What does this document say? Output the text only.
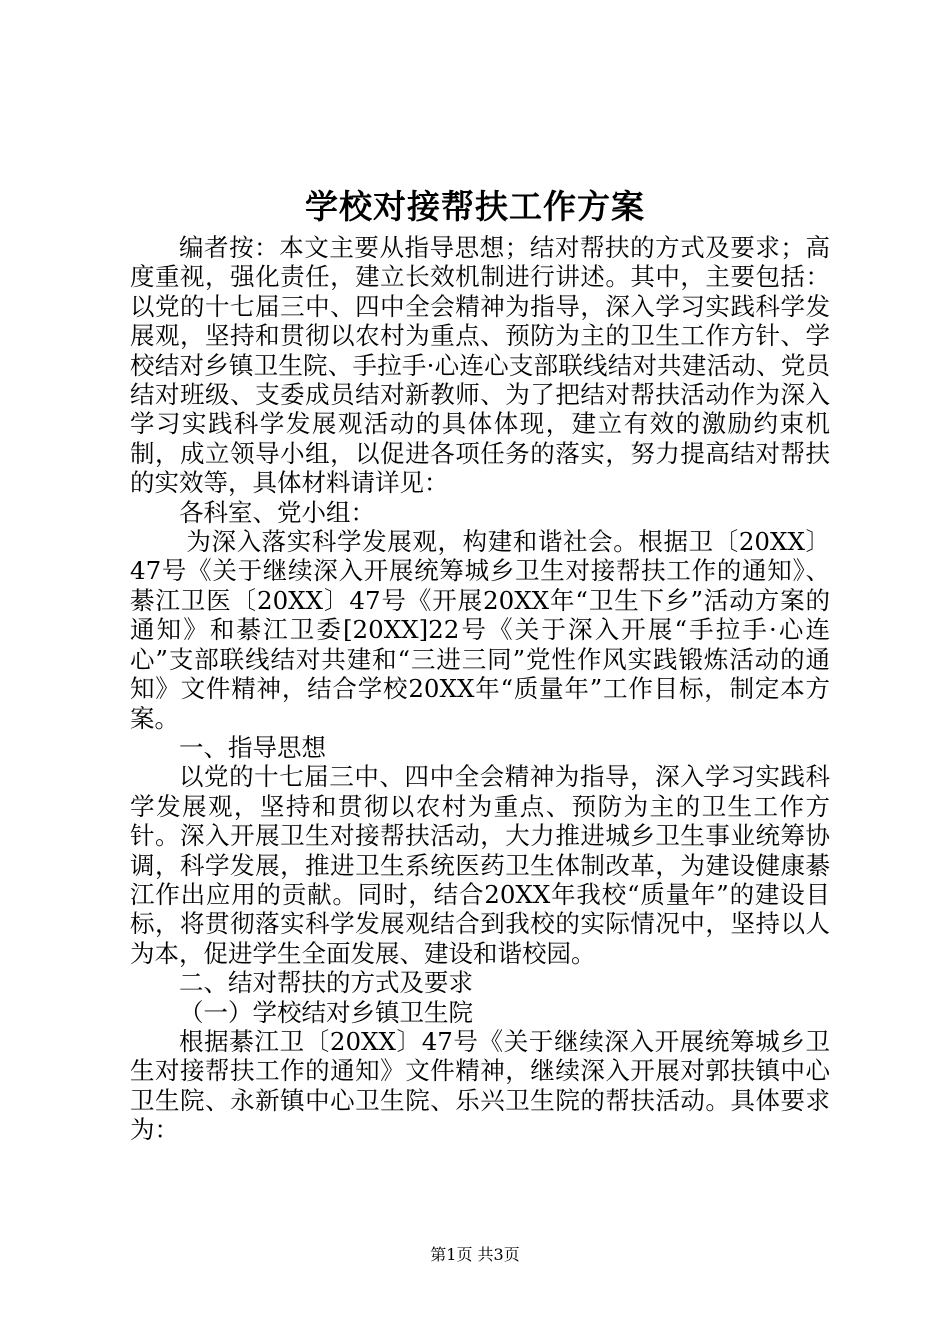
学校对接帮扶工作方案

编者按：本文主要从指导思想；结对帮扶的方式及要求；高度重视，强化责任，建立长效机制进行讲述。其中，主要包括：以党的十七届三中、四中全会精神为指导，深入学习实践科学发展观，坚持和贯彻以农村为重点、预防为主的卫生工作方针、学校结对乡镇卫生院、手拉手·心连心支部联线结对共建活动、党员结对班级、支委成员结对新教师、为了把结对帮扶活动作为深入学习实践科学发展观活动的具体体现，建立有效的激励约束机制，成立领导小组，以促进各项任务的落实，努力提高结对帮扶的实效等，具体材料请详见：

各科室、党小组：

为深入落实科学发展观，构建和谐社会。根据卫〔20XX〕47号《关于继续深入开展统筹城乡卫生对接帮扶工作的通知》、綦江卫医〔20XX〕47号《开展20XX年“卫生下乡”活动方案的通知》和綦江卫委[20XX]22号《关于深入开展“手拉手·心连心”支部联线结对共建和“三进三同”党性作风实践锻炼活动的通知》文件精神，结合学校20XX年“质量年”工作目标，制定本方案。

一、指导思想

以党的十七届三中、四中全会精神为指导，深入学习实践科学发展观，坚持和贯彻以农村为重点、预防为主的卫生工作方针。深入开展卫生对接帮扶活动，大力推进城乡卫生事业统筹协调，科学发展，推进卫生系统医药卫生体制改革，为建设健康綦江作出应用的贡献。同时，结合20XX年我校“质量年”的建设目标，将贯彻落实科学发展观结合到我校的实际情况中，坚持以人为本，促进学生全面发展、建设和谐校园。

二、结对帮扶的方式及要求

（一）学校结对乡镇卫生院

根据綦江卫〔20XX〕47号《关于继续深入开展统筹城乡卫生对接帮扶工作的通知》文件精神，继续深入开展对郭扶镇中心卫生院、永新镇中心卫生院、乐兴卫生院的帮扶活动。具体要求为：

第1页 共3页
